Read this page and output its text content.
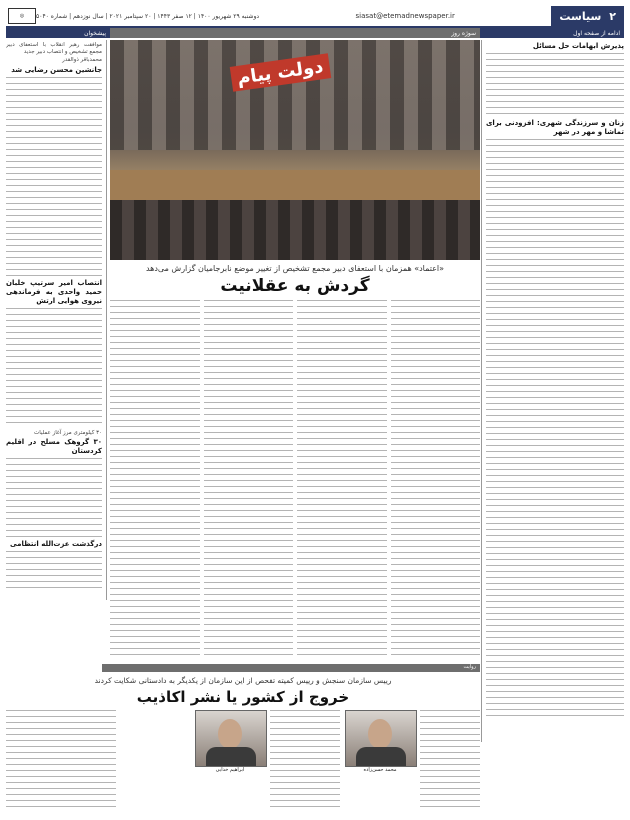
۲
سیاست
siasat@etemadnewspaper.ir
دوشنبه ۲۹ شهریور ۱۴۰۰ | ۱۲ صفر ۱۴۴۳ | ۲۰ سپتامبر ۲۰۲۱ | سال نوزدهم | شماره ۵۰۴۰
◎
ادامه از صفحه اول
سوژه روز
پیشخوان
پذیرش ابهامات حل مسائل
زنان و سرزندگی شهری: افزودنی برای تماشا و مهر در شهر
موافقت رهبر انقلاب با استعفای دبیر مجمع تشخیص و انتصاب دبیر جدید
محمدباقر ذوالقدر
جانشین محسن رضایی شد
انتصاب امیر سرتیپ خلبان حمید واحدی به فرماندهی نیروی هوایی ارتش
۳۰ کیلومتری مرز آغاز عملیات
۳۰ گروهک مسلح در اقلیم کردستان
درگذشت عزت‌الله انتظامی
دولت پیام
«اعتماد» همزمان با استعفای دبیر مجمع تشخیص از تغییر موضع نابرجامیان گزارش می‌دهد
گردش به عقلانیت
روایت
رییس سازمان سنجش و رییس کمیته تفحص از این سازمان از یکدیگر به دادستانی شکایت کردند
خروج از کشور یا نشر اکاذیب
ابراهیم خدایی	محمد حسن‌زاده
